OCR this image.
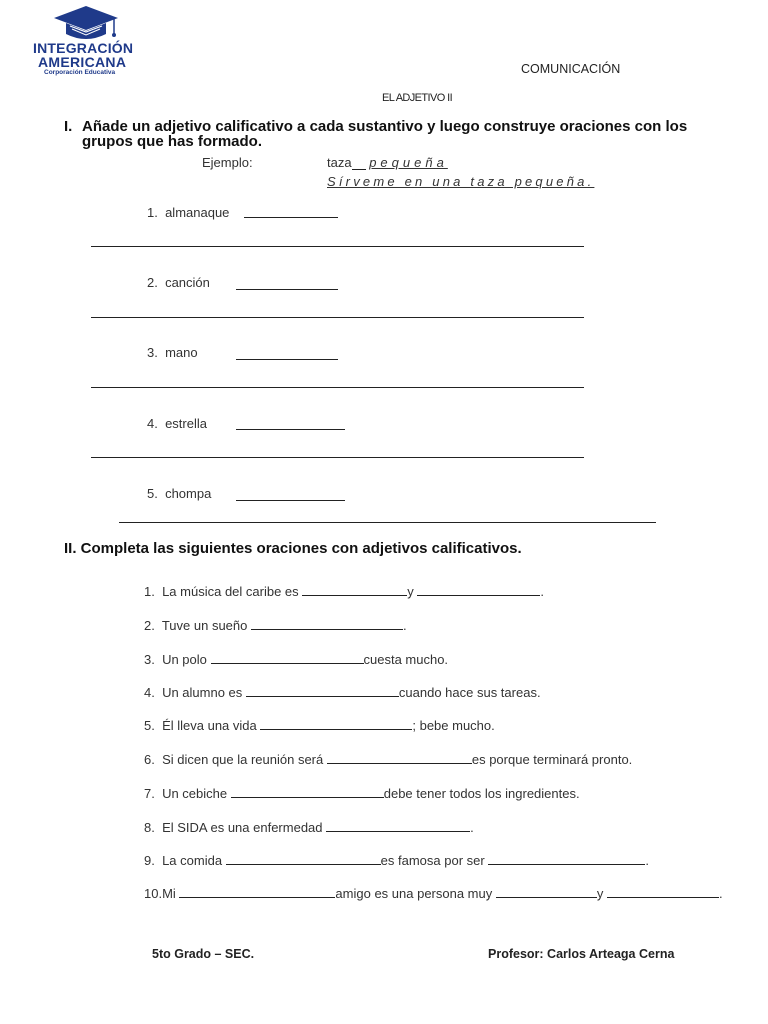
INTEGRACIÓN
AMERICANA
Corporación Educativa	COMUNICACIÓN
EL ADJETIVO II
I. Añade un adjetivo calificativo a cada sustantivo y luego construye oraciones con los grupos que has formado.
Ejemplo:	taza pequeña
Sírveme en una taza pequeña.
1. almanaque
2. canción
3. mano
4. estrella
5. chompa
II. Completa las siguientes oraciones con adjetivos calificativos.
1. La música del caribe es	y	.
2. Tuve un sueño	.
3. Un polo	cuesta mucho.
4. Un alumno es	cuando hace sus tareas.
5. Él lleva una vida	; bebe mucho.
6. Si dicen que la reunión será	es porque terminará pronto.
7. Un cebiche	debe tener todos los ingredientes.
8. El SIDA es una enfermedad	.
9. La comida	es famosa por ser	.
10.Mi	amigo es una persona muy	y	.
5to Grado – SEC.	Profesor: Carlos Arteaga Cerna
